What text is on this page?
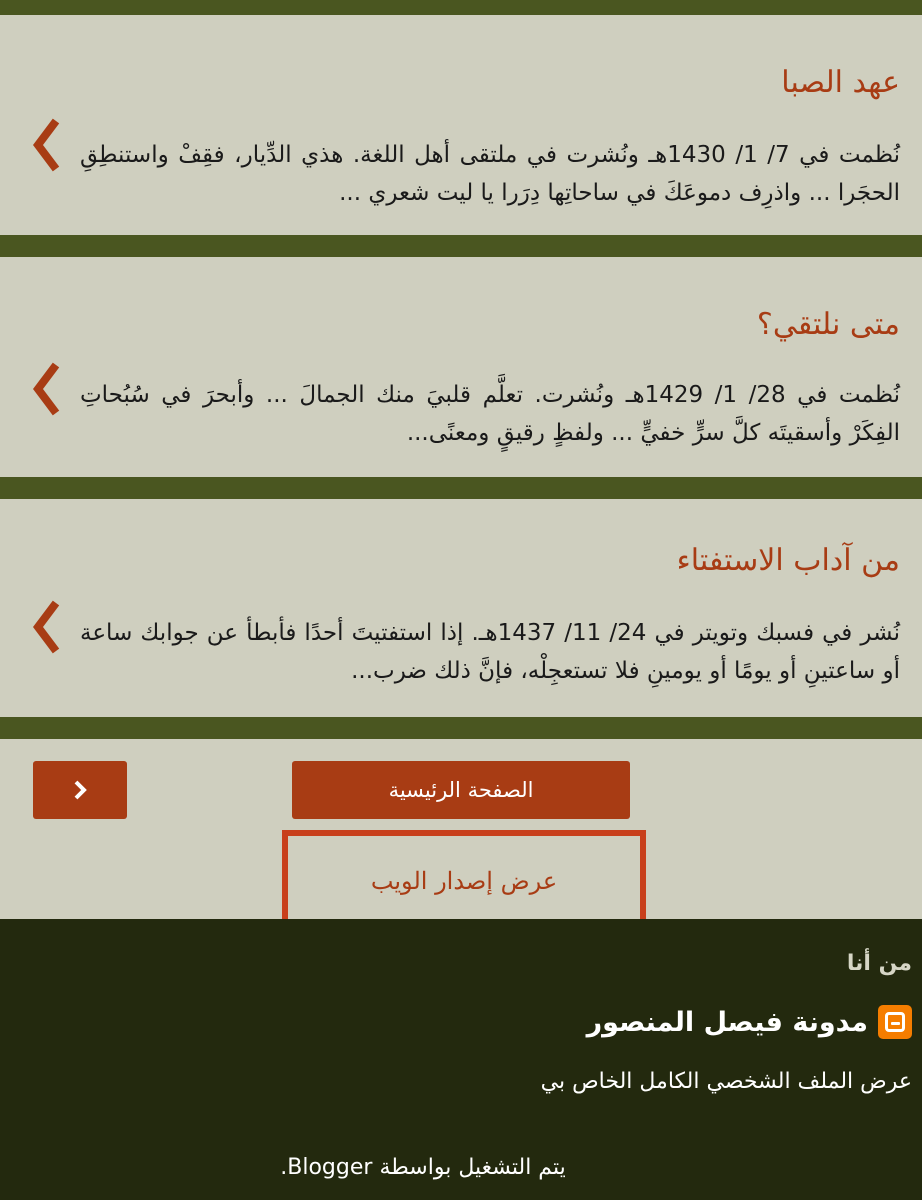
عهد الصبا

نُظمت في 7/ 1/ 1430هـ ونُشرت في ملتقى أهل اللغة. هذي الدِّيار، فقِفْ واستنطِقِ الحجَرا ... واذرِف دموعَكَ في ساحاتِها دِرَرا يا ليت شعري ...

متى نلتقي؟

نُظمت في 28/ 1/ 1429هـ ونُشرت. تعلَّم قلبيَ منك الجمالَ ... وأبحرَ في سُبُحاتِ الفِكَرْ وأسقيتَه كلَّ سرٍّ خفيٍّ ... ولفظٍ رقيقٍ ومعنًى...

من آداب الاستفتاء

نُشر في فسبك وتويتر في 24/ 11/ 1437هـ. إذا استفتيتَ أحدًا فأبطأ عن جوابك ساعة أو ساعتينِ أو يومًا أو يومينِ فلا تستعجِلْه، فإنَّ ذلك ضرب...

الصفحة الرئيسية
عرض إصدار الويب
من أنا
مدونة فيصل المنصور
عرض الملف الشخصي الكامل الخاص بي
يتم التشغيل بواسطة Blogger.
